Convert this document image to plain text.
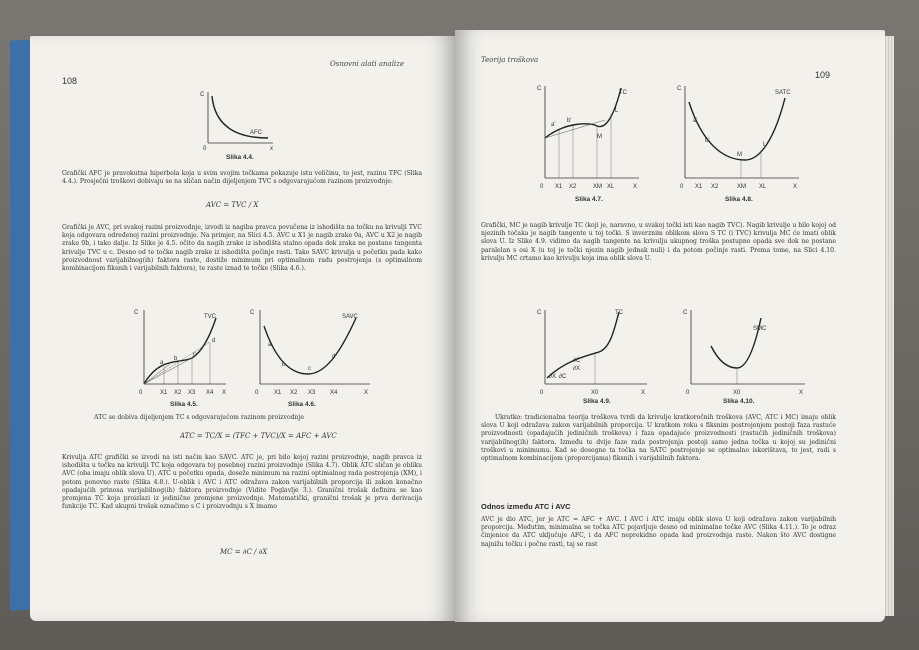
Osnovni alati analize
108
C
x
0
AFC
Slika 4.4.
Grafički AFC je pravokutna hiperbola koja u svim svojim točkama pokazuje istu veličinu, to jest, razinu TFC (Slika 4.4.). Prosječni troškovi dobivaju se na sličan način dijeljenjem TVC s odgovarajućom razinom proizvodnje:
AVC = TVC / X
Grafički je AVC, pri svakoj razini proizvodnje, izvodi iz nagiba pravca povučena iz ishodišta na točku na krivulji TVC koja odgovara određenoj razini proizvodnje. Na primjer, na Slici 4.5. AVC u X1 je nagib zrake 0a, AVC u X2 je nagib zrake 0b, i tako dalje. Iz Slike je 4.5. očito da nagib zrake iz ishodišta stalno opada dok zraka ne postane tangenta krivulje TVC u c. Desno od te točke nagib zrake iz ishodišta počinje rasti. Tako SAVC krivulja u početku pada kako proizvodnost varijabilnog(ih) faktora raste, dostiže minimum pri optimalnom radu postrojenja (s optimalnom kombinacijom fiksnih i varijabilnih faktora), te raste iznad te točke (Slika 4.6.).
C
X
TVC
0	X1 X2 X3 X4
a
b
c
d
Slika 4.5.
C
X
SAVC
0	X1 X2 X3 X4
a
b
c
d
Slika 4.6.
ATC se dobiva dijeljenjem TC s odgovarajućom razinom proizvodnje
ATC = TC/X = (TFC + TVC)/X = AFC + AVC
Krivulja ATC grafički se izvodi na isti način kao SAVC. ATC je, pri bilo kojoj razini proizvodnje, nagib pravca iz ishodišta u točku na krivulji TC koja odgovara toj posebnoj razini proizvodnje (Slika 4.7). Oblik ATC sličan je obliku AVC (oba imaju oblik slova U). ATC u početku opada, doseže minimum na razini optimalnog rada postrojenja (XM), i potom ponovno raste (Slika 4.8.). U-oblik i AVC i ATC odražava zakon varijabilnih proporcija ili zakon konačno opadajućih prinosa varijabilnog(ih) faktora proizvodnje (Vidite Poglavlje 3.). Granični trošak definira se kao promjena TC koja proizlazi iz jedinične promjene proizvodnje. Matematički, granični trošak je prva derivacija funkcije TC. Kad ukupni trošak označimo s C i proizvodnju s X imamo
MC = ∂C / ∂X
Teorija troškova
109
C
X
TC
0 X1 X2	XM XL
a'
b'
M
L
Slika 4.7.
C
X
SATC
0 X1 X2	XM XL
a'
b'
M
L
Slika 4.8.
Grafički, MC je nagib krivulje TC (koji je, naravno, u svakoj točki isti kao nagib TVC). Nagib krivulje u bilo kojoj od njezinih točaka je nagib tangente u toj točki. S inverznim oblikom slova S TC (i TVC) krivulja MC će imati oblik slova U. Iz Slike 4.9. vidimo da nagib tangente na krivulju ukupnog troška postupno opada sve dok ne postane paralelan s osi X (u toj je točki njezin nagib jednak nuli) i da potom počinje rasti. Prema tome, na Slici 4.10. krivulju MC crtamo kao krivulju koja ima oblik slova U.
C
X
TC
0	X0
∂C
∂X
∂X ∂C
Slika 4.9.
C
X
SMC
0	X0
Slika 4.10.
Ukratko: tradicionalna teorija troškova tvrdi da krivulje kratkoročnih troškova (AVC, ATC i MC) imaju oblik slova U koji odražava zakon varijabilnih proporcija. U kratkom roku s fiksnim postrojenjem postoji faza rastuće proizvodnosti (opadajućih jediničnih troškova) i faza opadajuće proizvodnosti (rastućih jediničnih troškova) varijabilnog(ih) faktora. Između te dvije faze rada postrojenja postoji samo jedna točka u kojoj su jedinični troškovi u minimumu. Kad se dosegne ta točka na SATC postrojenje se optimalno iskorištava, to jest, radi s optimalnom kombinacijom (proporcijama) fiksnih i varijabilnih faktora.
Odnos između ATC i AVC
AVC je dio ATC, jer je ATC = AFC + AVC. I AVC i ATC imaju oblik slova U koji odražava zakon varijabilnih proporcija. Međutim, minimalna se točka ATC pojavljuje desno od minimalne točke AVC (Slika 4.11.). To je odraz činjenice da ATC uključuje AFC, i da AFC neprekidno opada kad proizvodnja raste. Nakon što AVC dostigne najnižu točku i počne rasti, taj se rast
